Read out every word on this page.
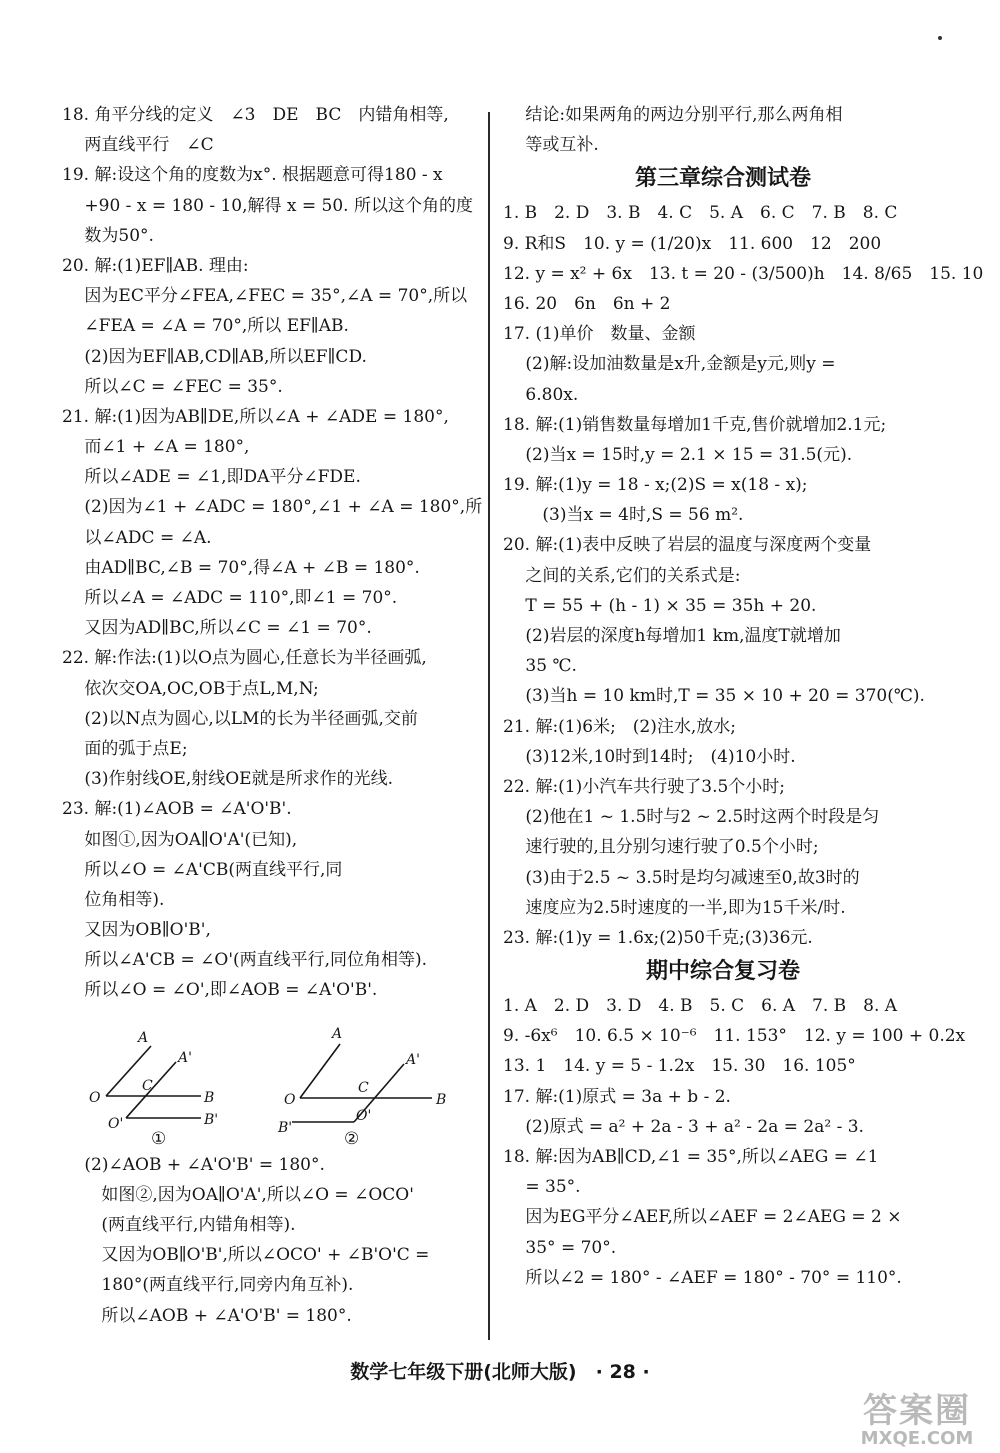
18. 角平分线的定义　∠3　DE　BC　内错角相等,
　 两直线平行　∠C
19. 解:设这个角的度数为x°. 根据题意可得180 - x
　 +90 - x = 180 - 10,解得 x = 50. 所以这个角的度
　 数为50°.
20. 解:(1)EF∥AB. 理由:
　 因为EC平分∠FEA,∠FEC = 35°,∠A = 70°,所以
　 ∠FEA = ∠A = 70°,所以 EF∥AB.
　 (2)因为EF∥AB,CD∥AB,所以EF∥CD.
　 所以∠C = ∠FEC = 35°.
21. 解:(1)因为AB∥DE,所以∠A + ∠ADE = 180°,
　 而∠1 + ∠A = 180°,
　 所以∠ADE = ∠1,即DA平分∠FDE.
　 (2)因为∠1 + ∠ADC = 180°,∠1 + ∠A = 180°,所
　 以∠ADC = ∠A.
　 由AD∥BC,∠B = 70°,得∠A + ∠B = 180°.
　 所以∠A = ∠ADC = 110°,即∠1 = 70°.
　 又因为AD∥BC,所以∠C = ∠1 = 70°.
22. 解:作法:(1)以O点为圆心,任意长为半径画弧,
　 依次交OA,OC,OB于点L,M,N;
　 (2)以N点为圆心,以LM的长为半径画弧,交前
　 面的弧于点E;
　 (3)作射线OE,射线OE就是所求作的光线.
23. 解:(1)∠AOB = ∠A'O'B'.
　 如图①,因为OA∥O'A'(已知),
　 所以∠O = ∠A'CB(两直线平行,同
　 位角相等).
　 又因为OB∥O'B',
　 所以∠A'CB = ∠O'(两直线平行,同位角相等).
　 所以∠O = ∠O',即∠AOB = ∠A'O'B'.
A
A'
O
C
B
O'	B'
①
A
A'
O
C
B
O'
B'
②
　 (2)∠AOB + ∠A'O'B' = 180°.
　 　如图②,因为OA∥O'A',所以∠O = ∠OCO'
　 　(两直线平行,内错角相等).
　 　又因为OB∥O'B',所以∠OCO' + ∠B'O'C =
　 　180°(两直线平行,同旁内角互补).
　 　所以∠AOB + ∠A'O'B' = 180°.
　 结论:如果两角的两边分别平行,那么两角相
　 等或互补.
第三章综合测试卷
1. B　2. D　3. B　4. C　5. A　6. C　7. B　8. C
9. R和S　10. y = (1/20)x　11. 600　12　200
12. y = x² + 6x　13. t = 20 - (3/500)h　14. 8/65　15. 10
16. 20　6n　6n + 2
17. (1)单价　数量、金额
　 (2)解:设加油数量是x升,金额是y元,则y =
　 6.80x.
18. 解:(1)销售数量每增加1千克,售价就增加2.1元;
　 (2)当x = 15时,y = 2.1 × 15 = 31.5(元).
19. 解:(1)y = 18 - x;(2)S = x(18 - x);
　 　(3)当x = 4时,S = 56 m².
20. 解:(1)表中反映了岩层的温度与深度两个变量
　 之间的关系,它们的关系式是:
　 T = 55 + (h - 1) × 35 = 35h + 20.
　 (2)岩层的深度h每增加1 km,温度T就增加
　 35 ℃.
　 (3)当h = 10 km时,T = 35 × 10 + 20 = 370(℃).
21. 解:(1)6米;　(2)注水,放水;
　 (3)12米,10时到14时;　(4)10小时.
22. 解:(1)小汽车共行驶了3.5个小时;
　 (2)他在1 ~ 1.5时与2 ~ 2.5时这两个时段是匀
　 速行驶的,且分别匀速行驶了0.5个小时;
　 (3)由于2.5 ~ 3.5时是均匀减速至0,故3时的
　 速度应为2.5时速度的一半,即为15千米/时.
23. 解:(1)y = 1.6x;(2)50千克;(3)36元.
期中综合复习卷
1. A　2. D　3. D　4. B　5. C　6. A　7. B　8. A
9. -6x⁶　10. 6.5 × 10⁻⁶　11. 153°　12. y = 100 + 0.2x
13. 1　14. y = 5 - 1.2x　15. 30　16. 105°
17. 解:(1)原式 = 3a + b - 2.
　 (2)原式 = a² + 2a - 3 + a² - 2a = 2a² - 3.
18. 解:因为AB∥CD,∠1 = 35°,所以∠AEG = ∠1
　 = 35°.
　 因为EG平分∠AEF,所以∠AEF = 2∠AEG = 2 ×
　 35° = 70°.
　 所以∠2 = 180° - ∠AEF = 180° - 70° = 110°.
数学七年级下册(北师大版)　· 28 ·
答案圈
MXQE.COM
